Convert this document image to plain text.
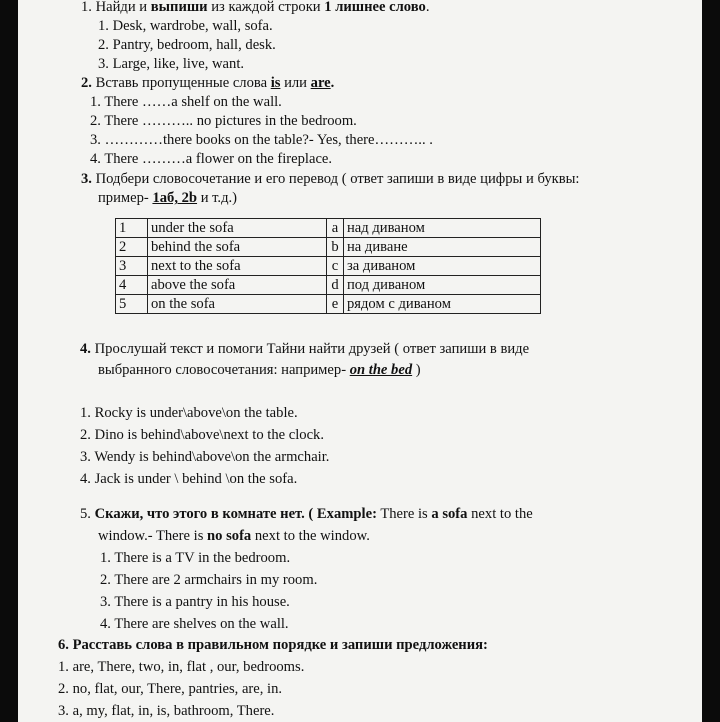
1. Найди и выпиши из каждой строки 1 лишнее слово.
1. Desk, wardrobe, wall, sofa.
2. Pantry, bedroom, hall, desk.
3. Large, like, live, want.
2. Вставь пропущенные слова is или are.
1. There ……a shelf on the wall.
2. There ……….. no pictures in the bedroom.
3. …………there books on the table?- Yes, there……….. .
4. There ………a flower on the fireplace.
3. Подбери словосочетание и его перевод ( ответ запиши в виде цифры и буквы:
пример- 1аб, 2b и т.д.)
1	under the sofa	a	над диваном
2	behind the sofa	b	на диване
3	next to the sofa	c	за диваном
4	above the sofa	d	под диваном
5	on the sofa	e	рядом с диваном
4. Прослушай текст и помоги Тайни найти друзей ( ответ запиши в виде
выбранного словосочетания: например- on the bed )
1. Rocky is under\above\on the table.
2. Dino is behind\above\next to the clock.
3. Wendy is behind\above\on the armchair.
4. Jack is under \ behind \on the sofa.
5. Скажи, что этого в комнате нет. ( Example: There is a sofa next to the
window.- There is no sofa next to the window.
1. There is a TV in the bedroom.
2. There are 2 armchairs in my room.
3. There is a pantry in his house.
4. There are shelves on the wall.
6. Расставь слова в правильном порядке и запиши предложения:
1. are, There, two, in, flat , our, bedrooms.
2. no, flat, our, There, pantries, are, in.
3. a, my, flat, in, is, bathroom, There.
